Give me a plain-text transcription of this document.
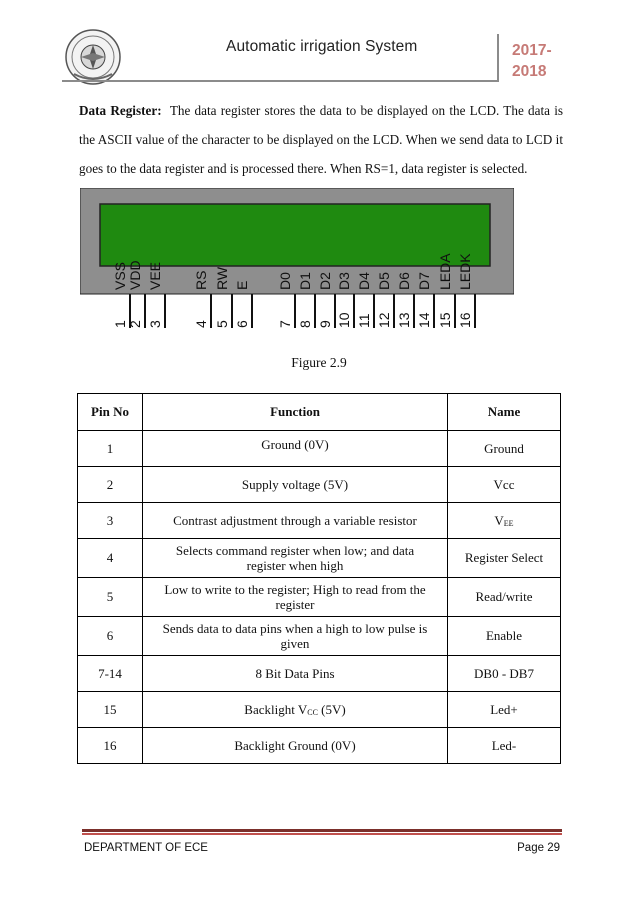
Automatic irrigation System	2017-
2018
Data Register: The data register stores the data to be displayed on the LCD. The data is the ASCII value of the character to be displayed on the LCD. When we send data to LCD it goes to the data register and is processed there. When RS=1, data register is selected.
VSS
1
VDD
2
VEE
3
RS
4
RW
5
E
6
D0
7
D1
8
D2
9
D3
10
D4
11
D5
12
D6
13
D7
14
LEDA
15
LEDK
16
Figure 2.9
Pin No	Function	Name
1	Ground (0V)	Ground
2	Supply voltage (5V)	Vcc
3	Contrast adjustment through a variable resistor	$V_{EE}$
4	Selects command register when low; and data
register when high	Register Select
5	Low to write to the register; High to read from the
register	Read/write
6	Sends data to data pins when a high to low pulse is
given	Enable
7-14	8 Bit Data Pins	DB0 - DB7
15	Backlight $V_{CC}$ (5V)	Led+
16	Backlight Ground (0V)	Led-
DEPARTMENT OF ECE	Page 29
